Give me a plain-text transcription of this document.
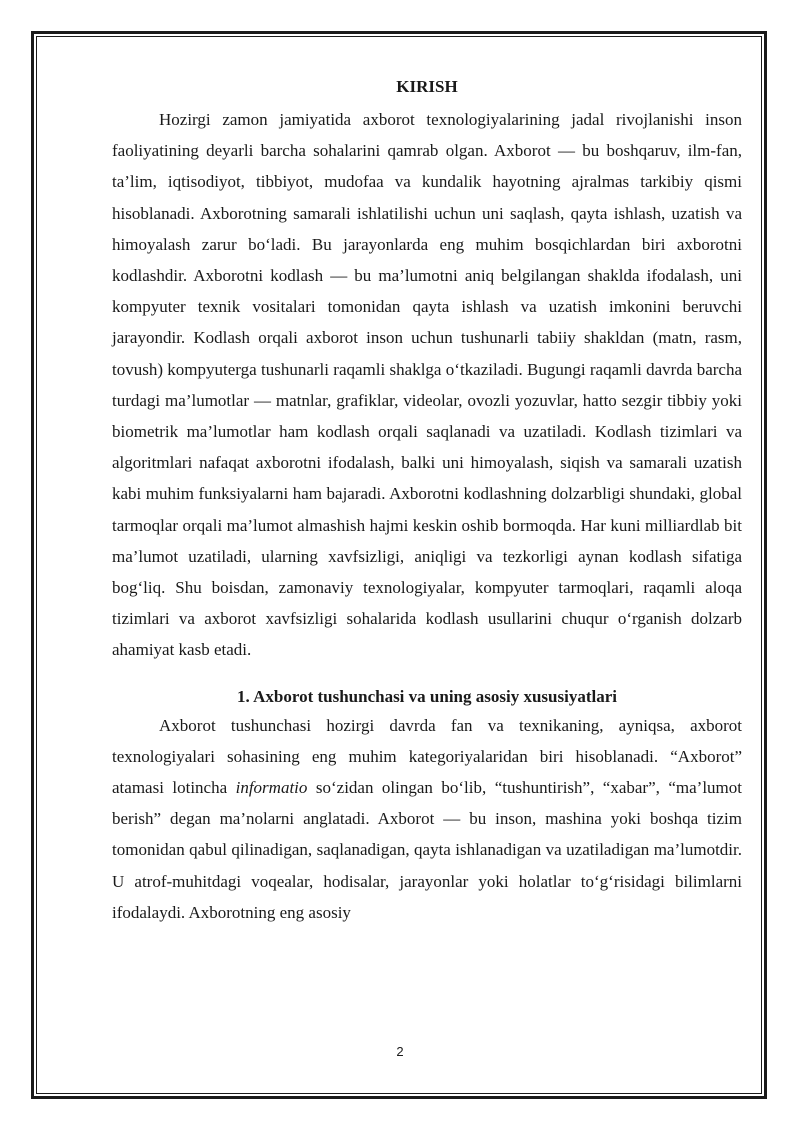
KIRISH

Hozirgi zamon jamiyatida axborot texnologiyalarining jadal rivojlanishi inson faoliyatining deyarli barcha sohalarini qamrab olgan. Axborot — bu boshqaruv, ilm-fan, ta’lim, iqtisodiyot, tibbiyot, mudofaa va kundalik hayotning ajralmas tarkibiy qismi hisoblanadi. Axborotning samarali ishlatilishi uchun uni saqlash, qayta ishlash, uzatish va himoyalash zarur bo‘ladi. Bu jarayonlarda eng muhim bosqichlardan biri axborotni kodlashdir. Axborotni kodlash — bu ma’lumotni aniq belgilangan shaklda ifodalash, uni kompyuter texnik vositalari tomonidan qayta ishlash va uzatish imkonini beruvchi jarayondir. Kodlash orqali axborot inson uchun tushunarli tabiiy shakldan (matn, rasm, tovush) kompyuterga tushunarli raqamli shaklga o‘tkaziladi. Bugungi raqamli davrda barcha turdagi ma’lumotlar — matnlar, grafiklar, videolar, ovozli yozuvlar, hatto sezgir tibbiy yoki biometrik ma’lumotlar ham kodlash orqali saqlanadi va uzatiladi. Kodlash tizimlari va algoritmlari nafaqat axborotni ifodalash, balki uni himoyalash, siqish va samarali uzatish kabi muhim funksiyalarni ham bajaradi. Axborotni kodlashning dolzarbligi shundaki, global tarmoqlar orqali ma’lumot almashish hajmi keskin oshib bormoqda. Har kuni milliardlab bit ma’lumot uzatiladi, ularning xavfsizligi, aniqligi va tezkorligi aynan kodlash sifatiga bog‘liq. Shu boisdan, zamonaviy texnologiyalar, kompyuter tarmoqlari, raqamli aloqa tizimlari va axborot xavfsizligi sohalarida kodlash usullarini chuqur o‘rganish dolzarb ahamiyat kasb etadi.

1. Axborot tushunchasi va uning asosiy xususiyatlari

Axborot tushunchasi hozirgi davrda fan va texnikaning, ayniqsa, axborot texnologiyalari sohasining eng muhim kategoriyalaridan biri hisoblanadi. “Axborot” atamasi lotincha informatio so‘zidan olingan bo‘lib, “tushuntirish”, “xabar”, “ma’lumot berish” degan ma’nolarni anglatadi. Axborot — bu inson, mashina yoki boshqa tizim tomonidan qabul qilinadigan, saqlanadigan, qayta ishlanadigan va uzatiladigan ma’lumotdir. U atrof-muhitdagi voqealar, hodisalar, jarayonlar yoki holatlar to‘g‘risidagi bilimlarni ifodalaydi. Axborotning eng asosiy

2
